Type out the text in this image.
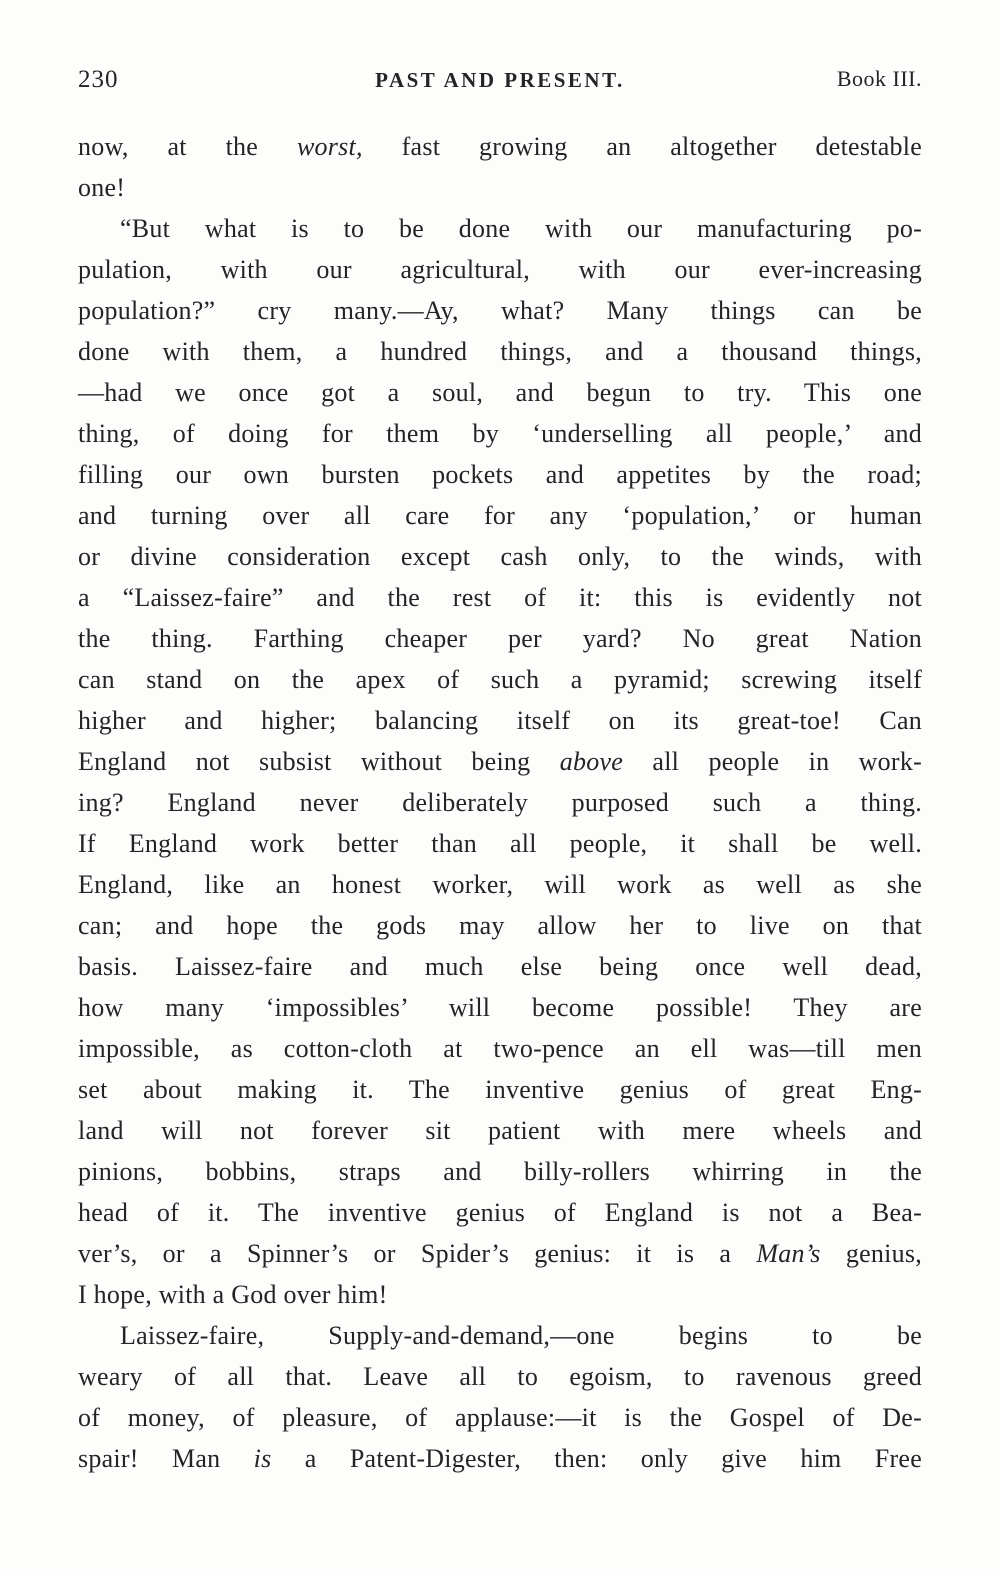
230	PAST AND PRESENT.	Book III.
now, at the worst, fast growing an altogether detestable
one!
“But what is to be done with our manufacturing po-
pulation, with our agricultural, with our ever-increasing
population?” cry many.—Ay, what? Many things can be
done with them, a hundred things, and a thousand things,
—had we once got a soul, and begun to try. This one
thing, of doing for them by ‘underselling all people,’ and
filling our own bursten pockets and appetites by the road;
and turning over all care for any ‘population,’ or human
or divine consideration except cash only, to the winds, with
a “Laissez-faire” and the rest of it: this is evidently not
the thing. Farthing cheaper per yard? No great Nation
can stand on the apex of such a pyramid; screwing itself
higher and higher; balancing itself on its great-toe! Can
England not subsist without being above all people in work-
ing? England never deliberately purposed such a thing.
If England work better than all people, it shall be well.
England, like an honest worker, will work as well as she
can; and hope the gods may allow her to live on that
basis. Laissez-faire and much else being once well dead,
how many ‘impossibles’ will become possible! They are
impossible, as cotton-cloth at two-pence an ell was—till men
set about making it. The inventive genius of great Eng-
land will not forever sit patient with mere wheels and
pinions, bobbins, straps and billy-rollers whirring in the
head of it. The inventive genius of England is not a Bea-
ver’s, or a Spinner’s or Spider’s genius: it is a Man’s genius,
I hope, with a God over him!
Laissez-faire, Supply-and-demand,—one begins to be
weary of all that. Leave all to egoism, to ravenous greed
of money, of pleasure, of applause:—it is the Gospel of De-
spair! Man is a Patent-Digester, then: only give him Free
